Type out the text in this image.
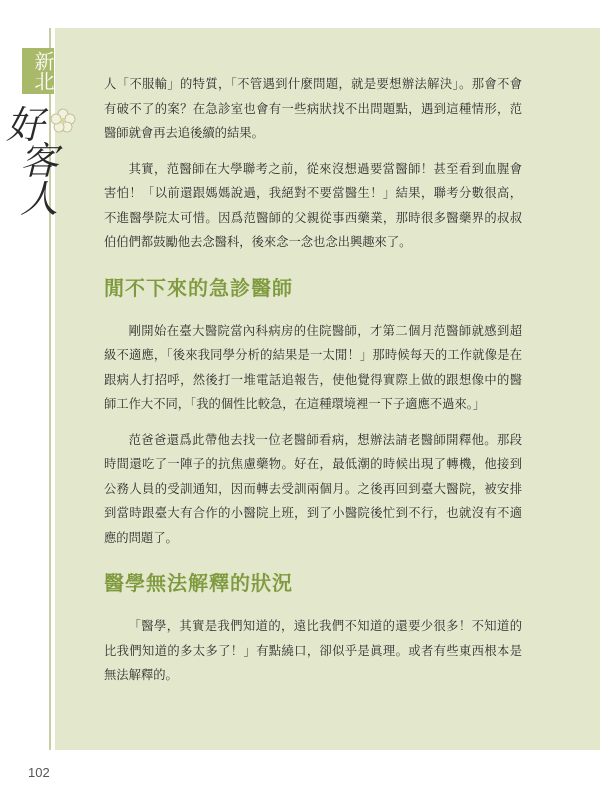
新北
好
客人

人「不服輸」的特質，「不管遇到什麼問題，就是要想辦法解決」。那會不會有破不了的案？在急診室也會有一些病狀找不出問題點，遇到這種情形，范醫師就會再去追後續的結果。

其實，范醫師在大學聯考之前，從來沒想過要當醫師！甚至看到血腥會害怕！「以前還跟媽媽說過，我絕對不要當醫生！」結果，聯考分數很高，不進醫學院太可惜。因爲范醫師的父親從事西藥業，那時很多醫藥界的叔叔伯伯們都鼓勵他去念醫科，後來念一念也念出興趣來了。

閒不下來的急診醫師

剛開始在臺大醫院當內科病房的住院醫師，才第二個月范醫師就感到超級不適應，「後來我同學分析的結果是一太閒！」那時候每天的工作就像是在跟病人打招呼，然後打一堆電話追報告，使他覺得實際上做的跟想像中的醫師工作大不同，「我的個性比較急，在這種環境裡一下子適應不過來。」

范爸爸還爲此帶他去找一位老醫師看病，想辦法請老醫師開釋他。那段時間還吃了一陣子的抗焦慮藥物。好在，最低潮的時候出現了轉機，他接到公務人員的受訓通知，因而轉去受訓兩個月。之後再回到臺大醫院，被安排到當時跟臺大有合作的小醫院上班，到了小醫院後忙到不行，也就沒有不適應的問題了。

醫學無法解釋的狀況

「醫學，其實是我們知道的，遠比我們不知道的還要少很多！不知道的比我們知道的多太多了！」有點繞口，卻似乎是眞理。或者有些東西根本是無法解釋的。

102
